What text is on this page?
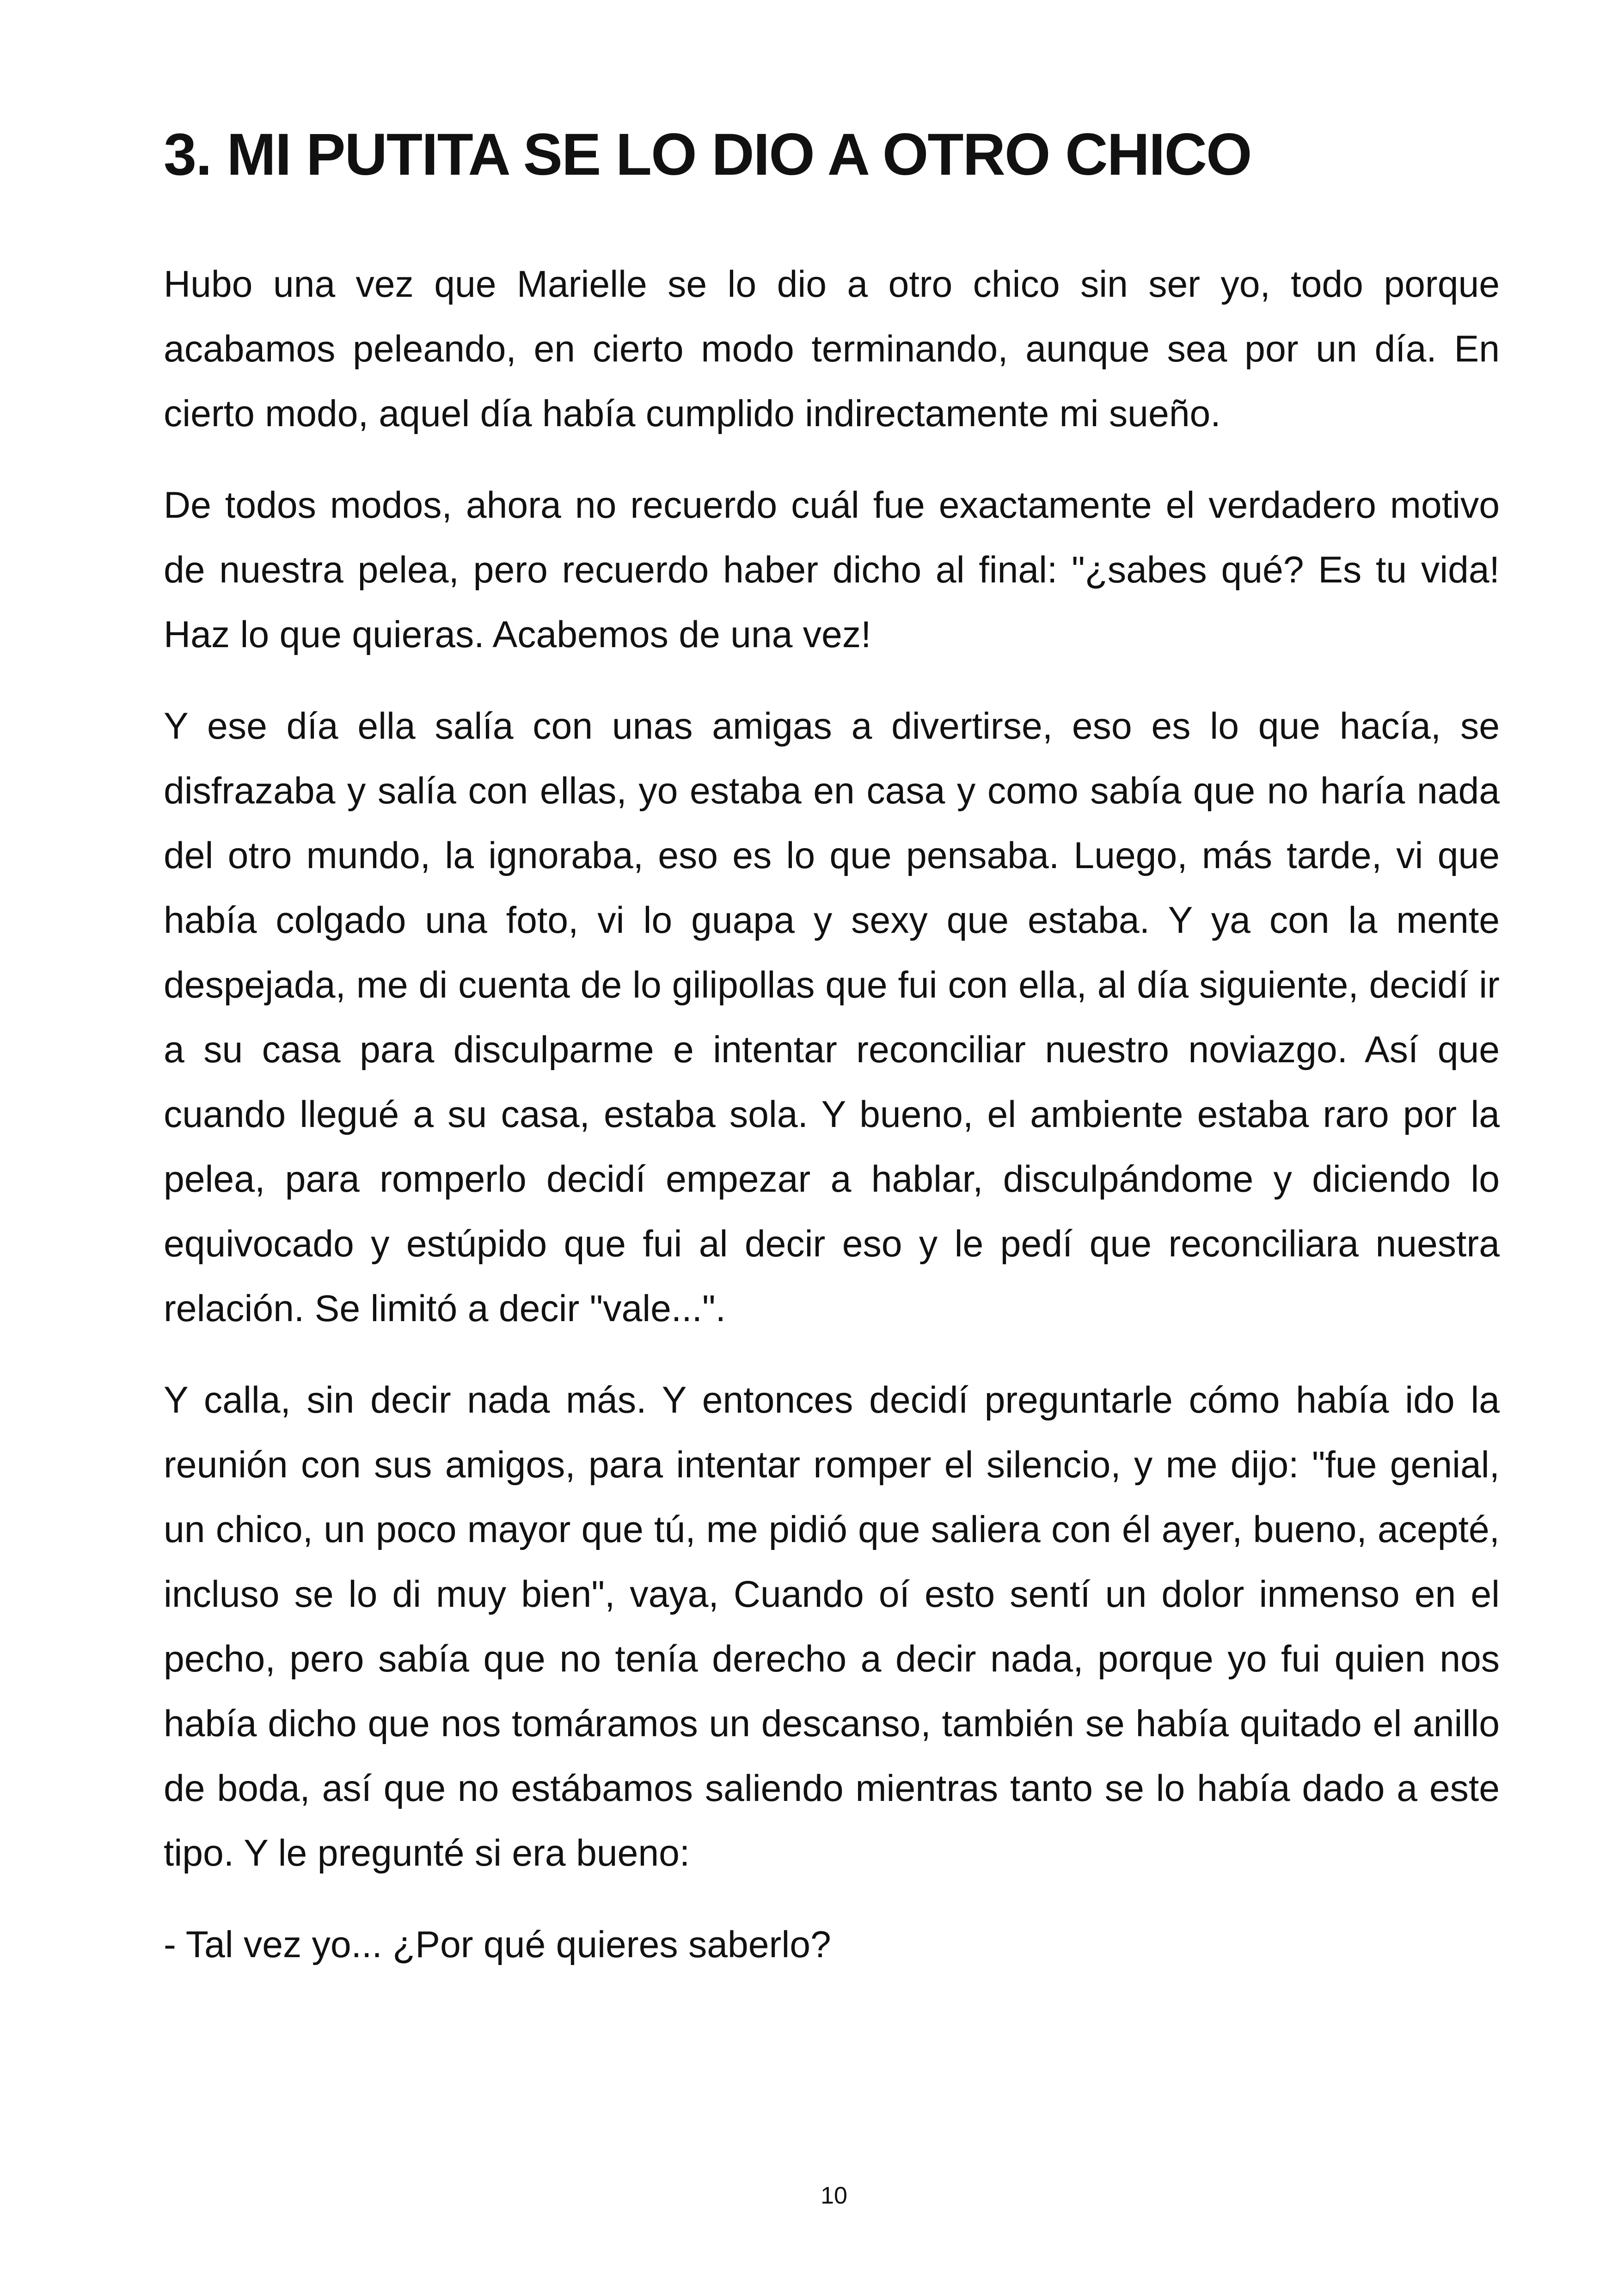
3. MI PUTITA SE LO DIO A OTRO CHICO

Hubo una vez que Marielle se lo dio a otro chico sin ser yo, todo porque acabamos peleando, en cierto modo terminando, aunque sea por un día. En cierto modo, aquel día había cumplido indirectamente mi sueño.

De todos modos, ahora no recuerdo cuál fue exactamente el verdadero motivo de nuestra pelea, pero recuerdo haber dicho al final: "¿sabes qué? Es tu vida! Haz lo que quieras. Acabemos de una vez!

Y ese día ella salía con unas amigas a divertirse, eso es lo que hacía, se disfrazaba y salía con ellas, yo estaba en casa y como sabía que no haría nada del otro mundo, la ignoraba, eso es lo que pensaba. Luego, más tarde, vi que había colgado una foto, vi lo guapa y sexy que estaba. Y ya con la mente despejada, me di cuenta de lo gilipollas que fui con ella, al día siguiente, decidí ir a su casa para disculparme e intentar reconciliar nuestro noviazgo. Así que cuando llegué a su casa, estaba sola. Y bueno, el ambiente estaba raro por la pelea, para romperlo decidí empezar a hablar, disculpándome y diciendo lo equivocado y estúpido que fui al decir eso y le pedí que reconciliara nuestra relación. Se limitó a decir "vale...".

Y calla, sin decir nada más. Y entonces decidí preguntarle cómo había ido la reunión con sus amigos, para intentar romper el silencio, y me dijo: "fue genial, un chico, un poco mayor que tú, me pidió que saliera con él ayer, bueno, acepté, incluso se lo di muy bien", vaya, Cuando oí esto sentí un dolor inmenso en el pecho, pero sabía que no tenía derecho a decir nada, porque yo fui quien nos había dicho que nos tomáramos un descanso, también se había quitado el anillo de boda, así que no estábamos saliendo mientras tanto se lo había dado a este tipo. Y le pregunté si era bueno:

- Tal vez yo... ¿Por qué quieres saberlo?

10
